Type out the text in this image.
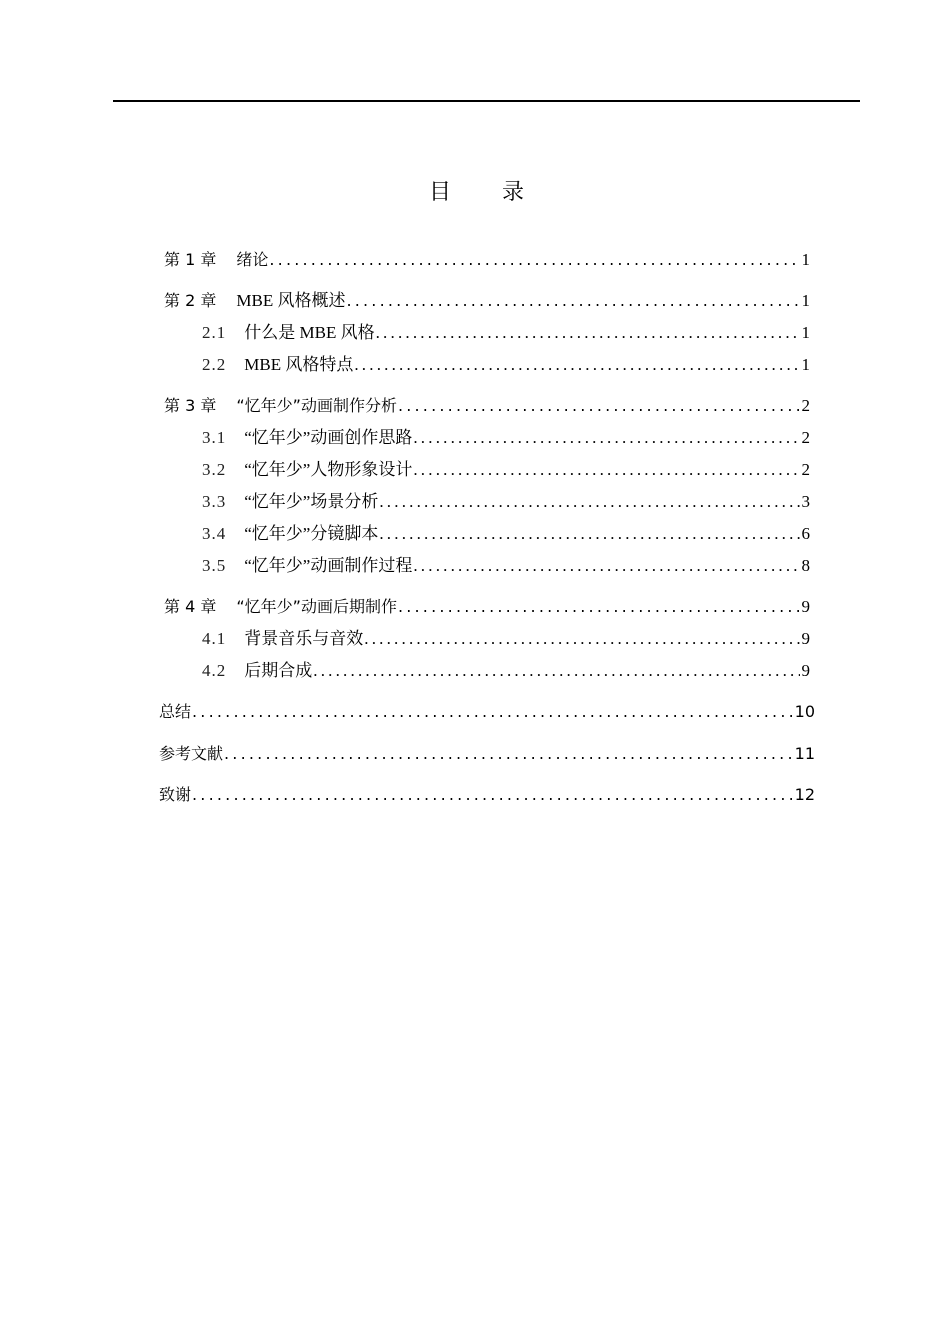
目 录
第 1 章 绪论 .....	1
第 2 章 MBE 风格概述 .....	1
2.1 什么是 MBE 风格 .....	1
2.2 MBE 风格特点 .....	1
第 3 章 “忆年少”动画制作分析 .....	2
3.1 “忆年少”动画创作思路 .....	2
3.2 “忆年少”人物形象设计 .....	2
3.3 “忆年少”场景分析 .....	3
3.4 “忆年少”分镜脚本 .....	6
3.5 “忆年少”动画制作过程 .....	8
第 4 章 “忆年少”动画后期制作 .....	9
4.1 背景音乐与音效 .....	9
4.2 后期合成 .....	9
总结 .....	10
参考文献 .....	11
致谢 .....	12
